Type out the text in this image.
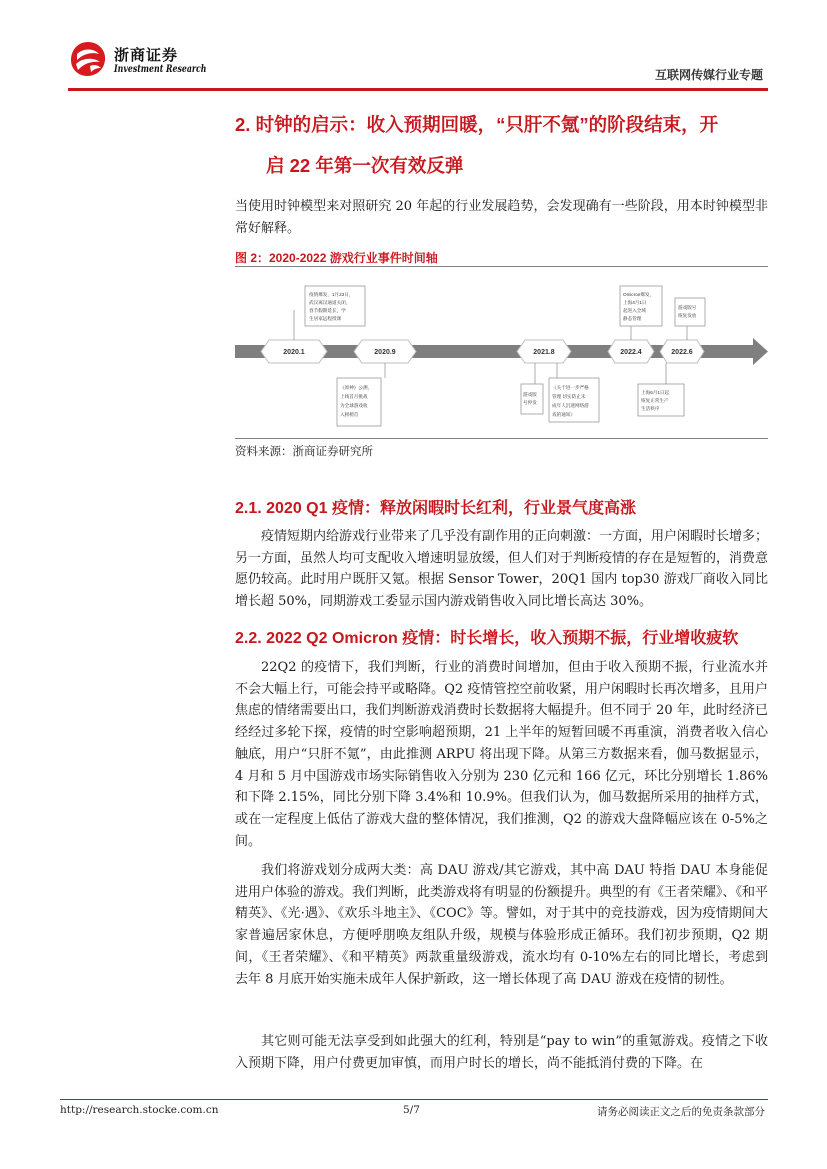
浙商证券
Investment Research	互联网传媒行业专题
2. 时钟的启示：收入预期回暖，“只肝不氪”的阶段结束，开
启 22 年第一次有效反弹
当使用时钟模型来对照研究 20 年起的行业发展趋势，会发现确有一些阶段，用本时钟模型非常好解释。
图 2：2020-2022 游戏行业事件时间轴
2020.1	2020.9	2021.8	2022.4	2022.6
疫情爆发，1月23日，
武汉离汉通道关闭，
春节假期延长，学
生居家远程授课
《原神》公测，
上线首月挑战
为全球游戏收
入榜榜首
游戏版
号停发
《关于进一步严格
管理 切实防止未
成年人沉迷网络游
戏的通知》
Omicron爆发，
上海4月1日
起进入全域
静态管理
游戏版号
恢复发放
上海6月1日起
恢复正常生产
生活秩序
资料来源：浙商证券研究所
2.1. 2020 Q1 疫情：释放闲暇时长红利，行业景气度高涨
疫情短期内给游戏行业带来了几乎没有副作用的正向刺激：一方面，用户闲暇时长增多；另一方面，虽然人均可支配收入增速明显放缓，但人们对于判断疫情的存在是短暂的，消费意愿仍较高。此时用户既肝又氪。根据 Sensor Tower，20Q1 国内 top30 游戏厂商收入同比增长超 50%，同期游戏工委显示国内游戏销售收入同比增长高达 30%。
2.2. 2022 Q2 Omicron 疫情：时长增长，收入预期不振，行业增收疲软
22Q2 的疫情下，我们判断，行业的消费时间增加，但由于收入预期不振，行业流水并不会大幅上行，可能会持平或略降。Q2 疫情管控空前收紧，用户闲暇时长再次增多，且用户焦虑的情绪需要出口，我们判断游戏消费时长数据将大幅提升。但不同于 20 年，此时经济已经经过多轮下探，疫情的时空影响超预期，21 上半年的短暂回暖不再重演，消费者收入信心触底，用户“只肝不氪”，由此推测 ARPU 将出现下降。从第三方数据来看，伽马数据显示，4 月和 5 月中国游戏市场实际销售收入分别为 230 亿元和 166 亿元，环比分别增长 1.86%和下降 2.15%，同比分别下降 3.4%和 10.9%。但我们认为，伽马数据所采用的抽样方式，或在一定程度上低估了游戏大盘的整体情况，我们推测，Q2 的游戏大盘降幅应该在 0-5%之间。
我们将游戏划分成两大类：高 DAU 游戏/其它游戏，其中高 DAU 特指 DAU 本身能促进用户体验的游戏。我们判断，此类游戏将有明显的份额提升。典型的有《王者荣耀》、《和平精英》、《光·遇》、《欢乐斗地主》、《COC》等。譬如，对于其中的竞技游戏，因为疫情期间大家普遍居家休息，方便呼朋唤友组队升级，规模与体验形成正循环。我们初步预期，Q2 期间，《王者荣耀》、《和平精英》两款重量级游戏，流水均有 0-10%左右的同比增长，考虑到去年 8 月底开始实施未成年人保护新政，这一增长体现了高 DAU 游戏在疫情的韧性。
其它则可能无法享受到如此强大的红利，特别是“pay to win”的重氪游戏。疫情之下收入预期下降，用户付费更加审慎，而用户时长的增长，尚不能抵消付费的下降。在
http://research.stocke.com.cn	5/7	请务必阅读正文之后的免责条款部分
